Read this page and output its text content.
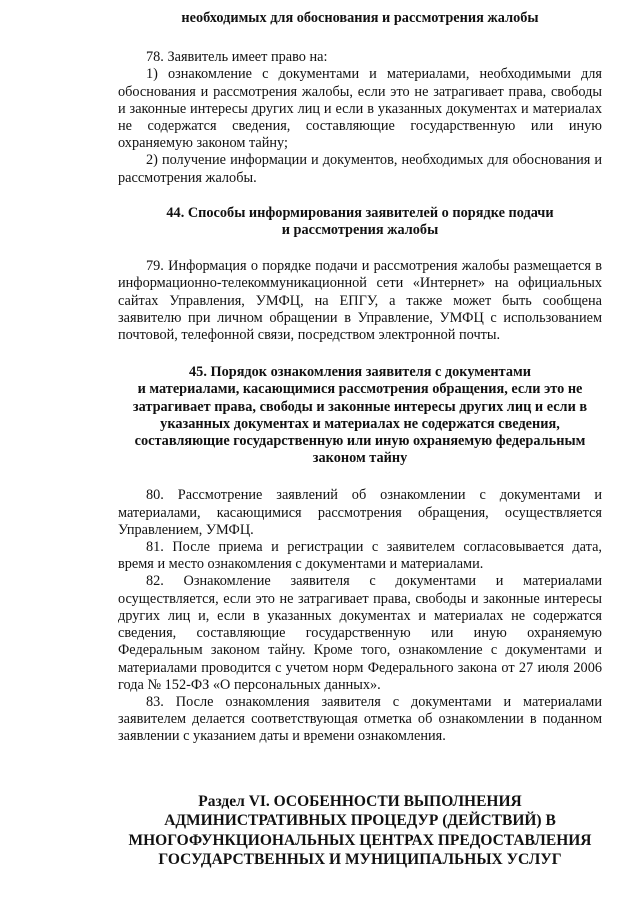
необходимых для обоснования и рассмотрения жалобы

78. Заявитель имеет право на:

1) ознакомление с документами и материалами, необходимыми для обоснования и рассмотрения жалобы, если это не затрагивает права, свободы и законные интересы других лиц и если в указанных документах и материалах не содержатся сведения, составляющие государственную или иную охраняемую законом тайну;

2) получение информации и документов, необходимых для обоснования и рассмотрения жалобы.

44. Способы информирования заявителей о порядке подачи
и рассмотрения жалобы

79. Информация о порядке подачи и рассмотрения жалобы размещается в информационно-телекоммуникационной сети «Интернет» на официальных сайтах Управления, УМФЦ, на ЕПГУ, а также может быть сообщена заявителю при личном обращении в Управление, УМФЦ с использованием почтовой, телефонной связи, посредством электронной почты.

45. Порядок ознакомления заявителя с документами
и материалами, касающимися рассмотрения обращения, если это не
затрагивает права, свободы и законные интересы других лиц и если в
указанных документах и материалах не содержатся сведения,
составляющие государственную или иную охраняемую федеральным
законом тайну

80. Рассмотрение заявлений об ознакомлении с документами и материалами, касающимися рассмотрения обращения, осуществляется Управлением, УМФЦ.

81. После приема и регистрации с заявителем согласовывается дата, время и место ознакомления с документами и материалами.

82. Ознакомление заявителя с документами и материалами осуществляется, если это не затрагивает права, свободы и законные интересы других лиц и, если в указанных документах и материалах не содержатся сведения, составляющие государственную или иную охраняемую Федеральным законом тайну. Кроме того, ознакомление с документами и материалами проводится с учетом норм Федерального закона от 27 июля 2006 года № 152-ФЗ «О персональных данных».

83. После ознакомления заявителя с документами и материалами заявителем делается соответствующая отметка об ознакомлении в поданном заявлении с указанием даты и времени ознакомления.

Раздел VI. ОСОБЕННОСТИ ВЫПОЛНЕНИЯ
АДМИНИСТРАТИВНЫХ ПРОЦЕДУР (ДЕЙСТВИЙ) В
МНОГОФУНКЦИОНАЛЬНЫХ ЦЕНТРАХ ПРЕДОСТАВЛЕНИЯ
ГОСУДАРСТВЕННЫХ И МУНИЦИПАЛЬНЫХ УСЛУГ
